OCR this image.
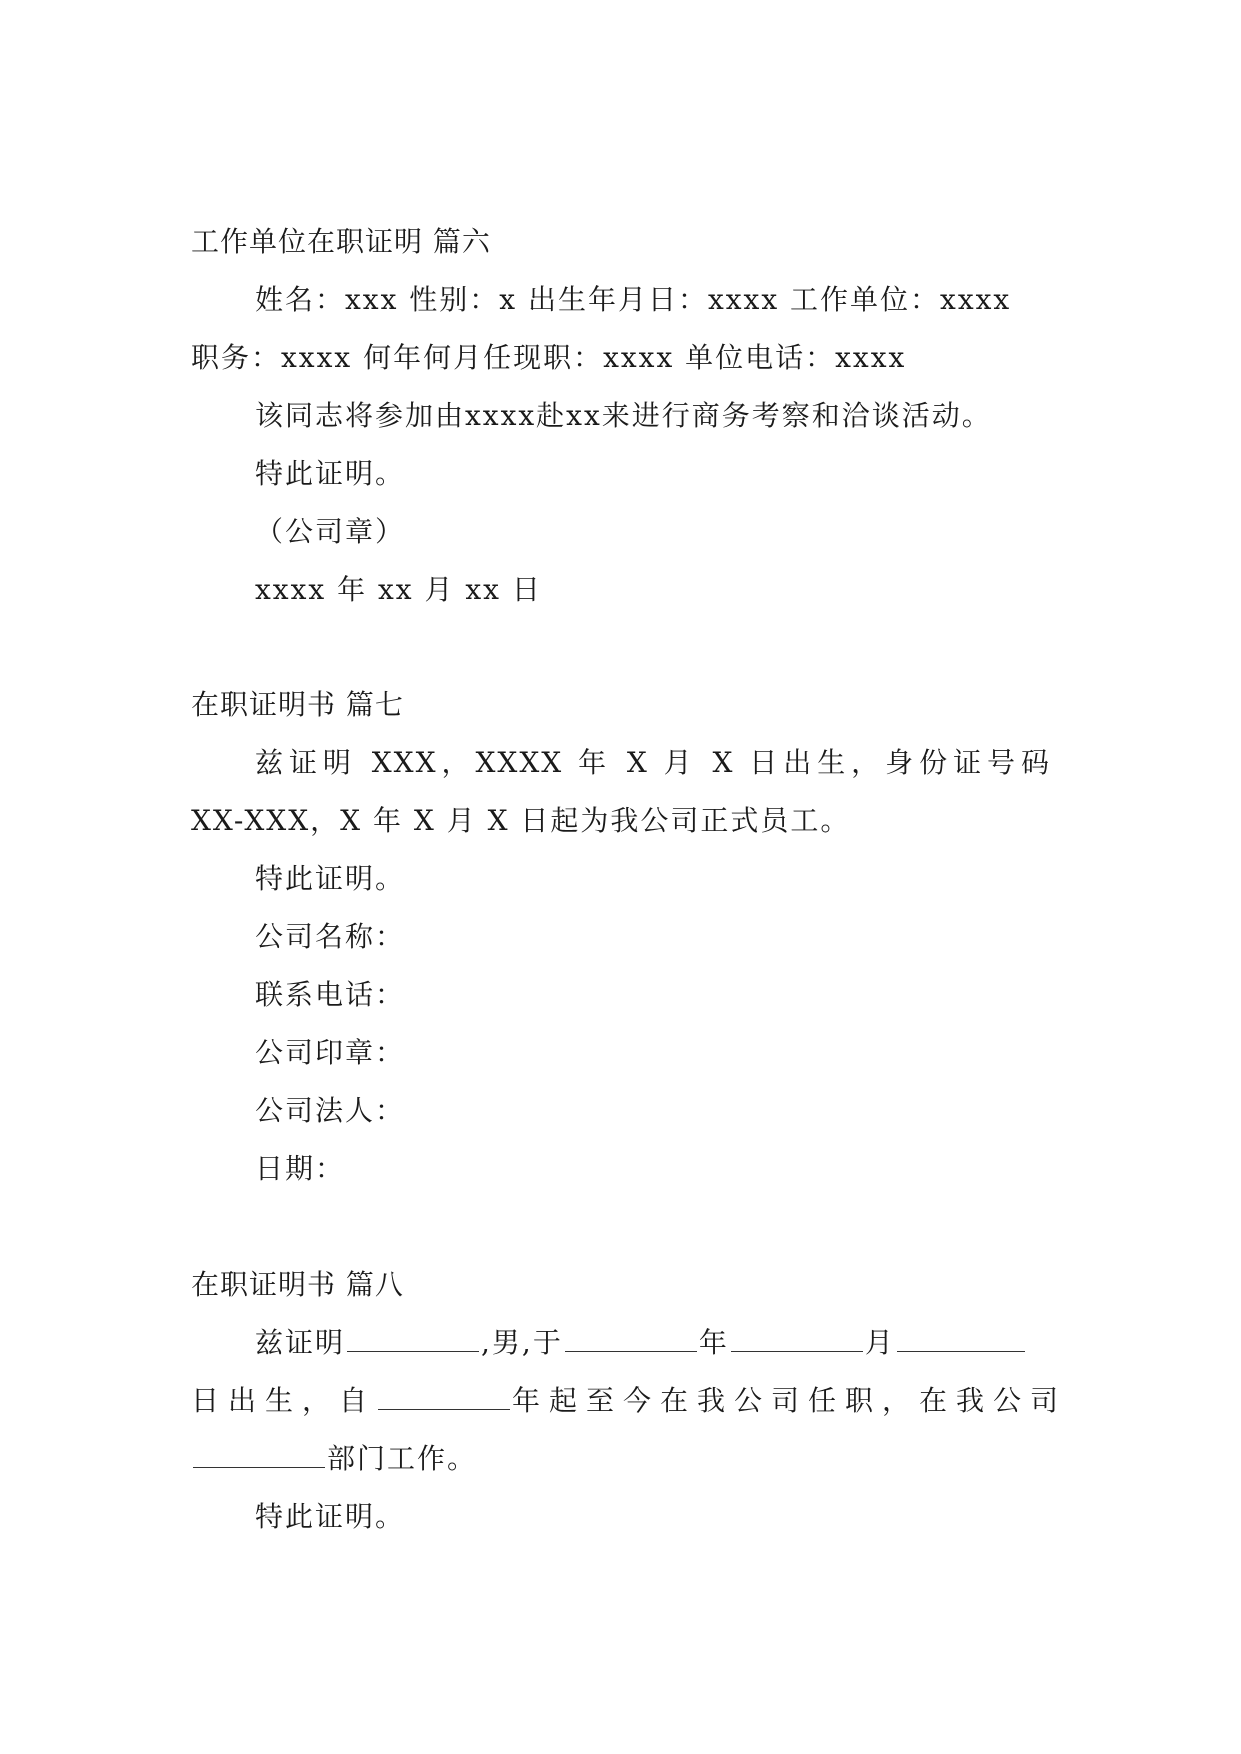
工作单位在职证明 篇六
姓名：xxx 性别：x 出生年月日：xxxx 工作单位：xxxx
职务：xxxx 何年何月任现职：xxxx 单位电话：xxxx
该同志将参加由xxxx赴xx来进行商务考察和洽谈活动。
特此证明。
（公司章）
xxxx 年 xx 月 xx 日
在职证明书 篇七
兹证明 XXX，XXXX 年 X 月 X 日出生，身份证号码
XX-XXX，X 年 X 月 X 日起为我公司正式员工。
特此证明。
公司名称：
联系电话：
公司印章：
公司法人：
日期：
在职证明书 篇八
兹证明	,男,于	年	月
日出生，自	年起至今在我公司任职，在我公司
部门工作。
特此证明。
